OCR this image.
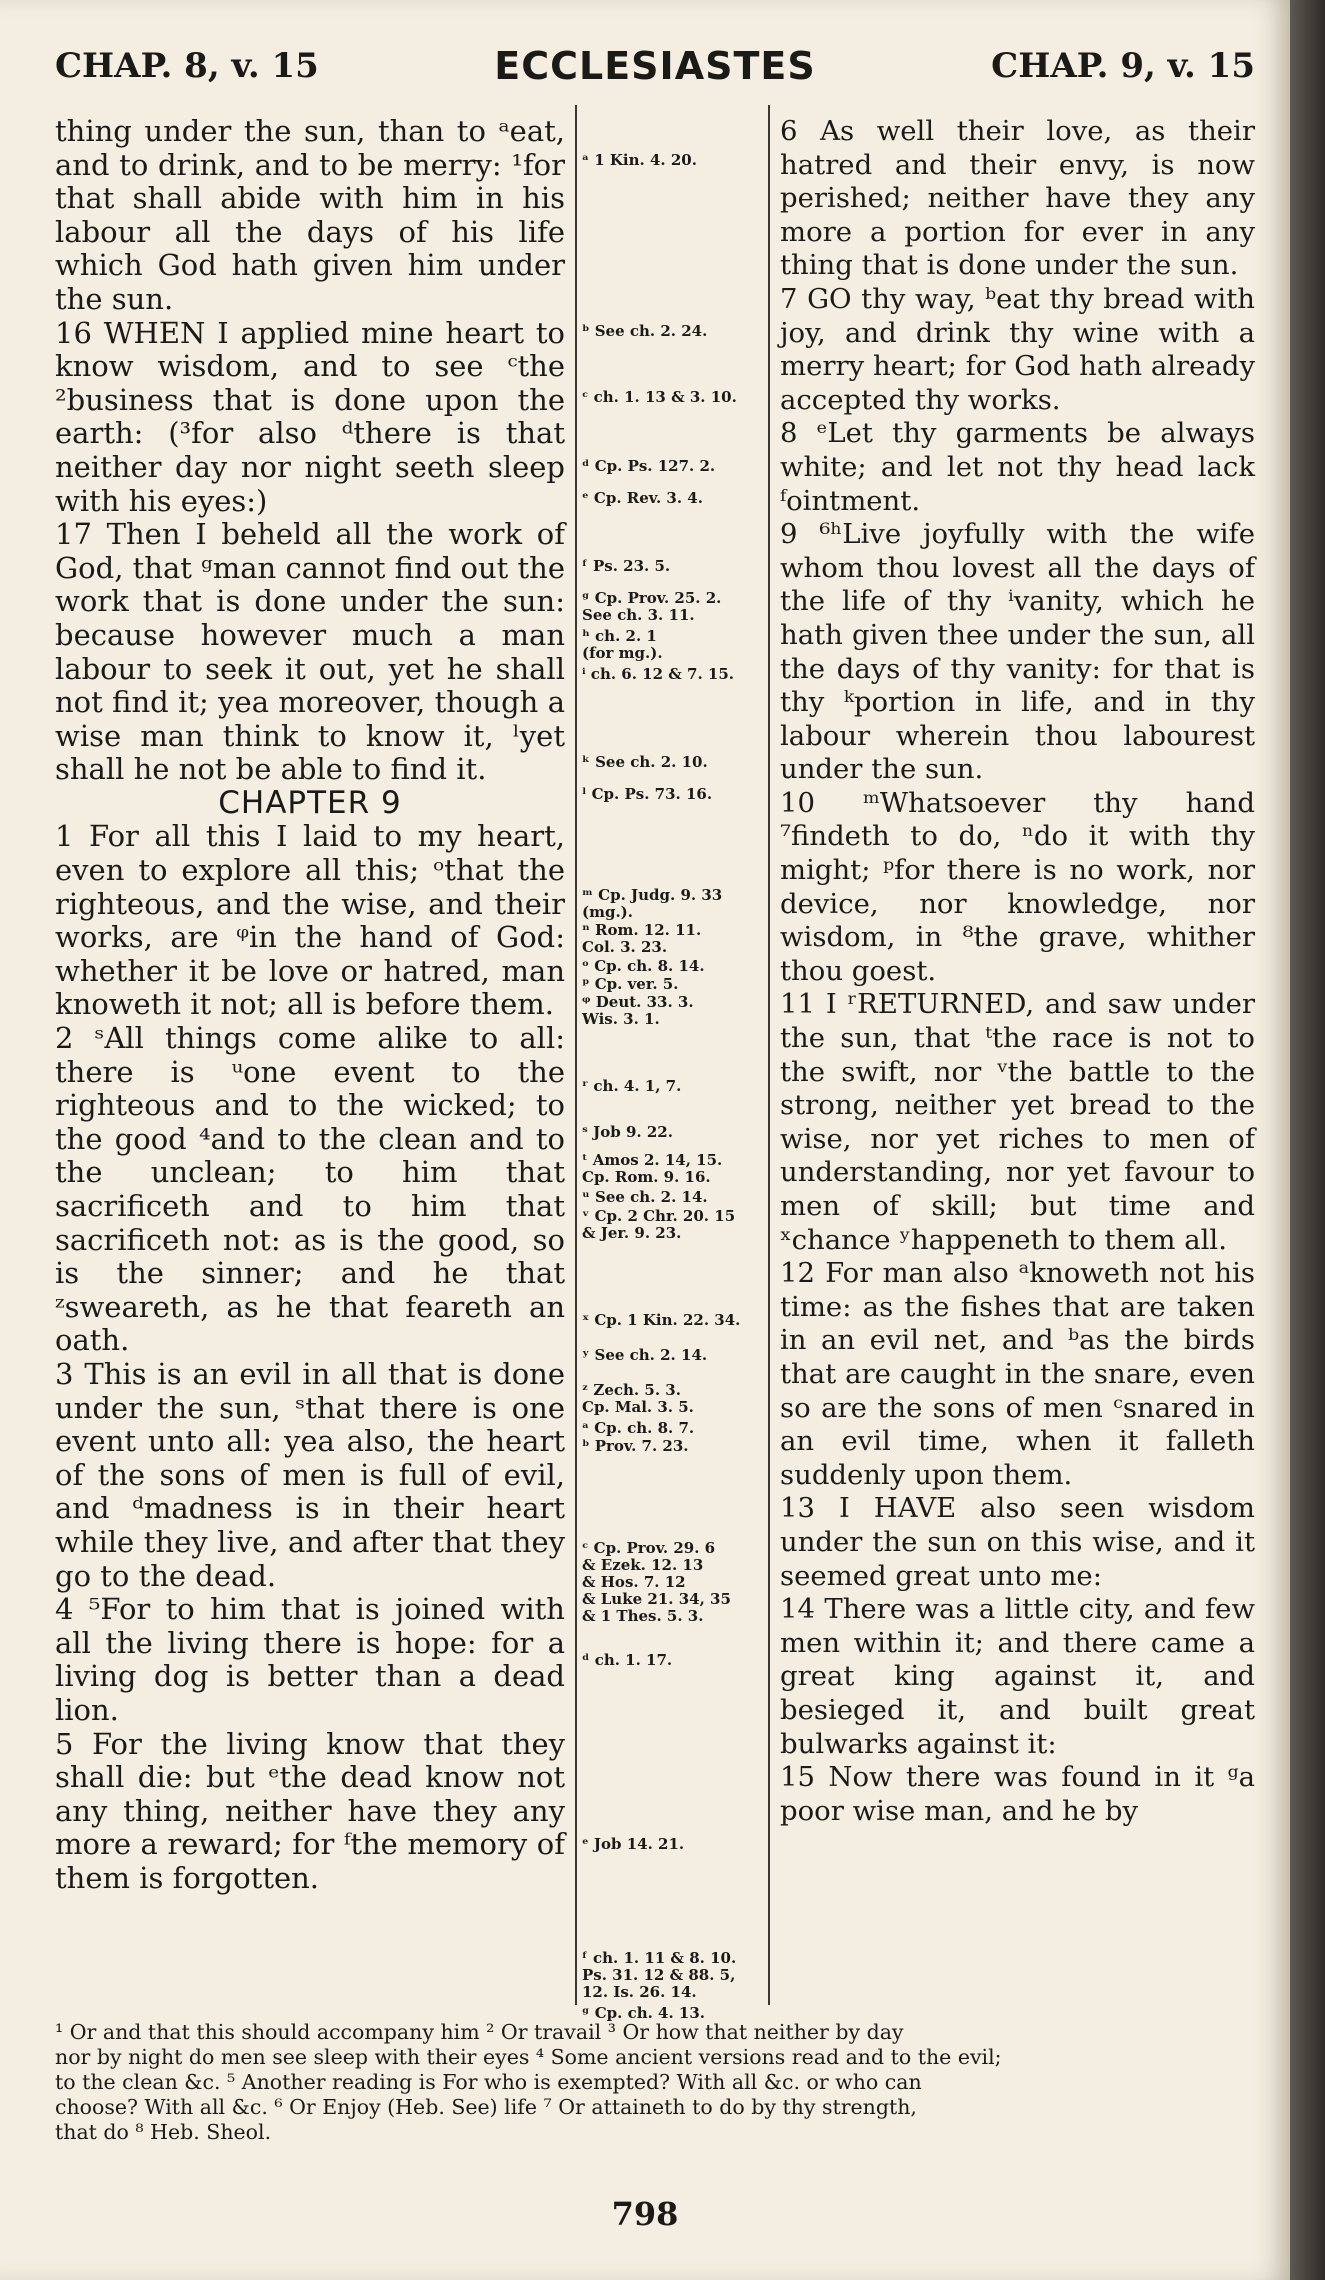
CHAP. 8, v. 15	ECCLESIASTES	CHAP. 9, v. 15

thing under the sun, than to ᵃeat, and to drink, and to be merry: ¹for that shall abide with him in his labour all the days of his life which God hath given him under the sun.

16 WHEN I applied mine heart to know wisdom, and to see ᶜthe ²business that is done upon the earth: (³for also ᵈthere is that neither day nor night seeth sleep with his eyes:)

17 Then I beheld all the work of God, that ᵍman cannot find out the work that is done under the sun: because however much a man labour to seek it out, yet he shall not find it; yea moreover, though a wise man think to know it, ˡyet shall he not be able to find it.

CHAPTER 9

1 For all this I laid to my heart, even to explore all this; ᵒthat the righteous, and the wise, and their works, are ᵠin the hand of God: whether it be love or hatred, man knoweth it not; all is before them.

2 ˢAll things come alike to all: there is ᵘone event to the righteous and to the wicked; to the good ⁴and to the clean and to the unclean; to him that sacrificeth and to him that sacrificeth not: as is the good, so is the sinner; and he that ᶻsweareth, as he that feareth an oath.

3 This is an evil in all that is done under the sun, ˢthat there is one event unto all: yea also, the heart of the sons of men is full of evil, and ᵈmadness is in their heart while they live, and after that they go to the dead.

4 ⁵For to him that is joined with all the living there is hope: for a living dog is better than a dead lion.

5 For the living know that they shall die: but ᵉthe dead know not any thing, neither have they any more a reward; for ᶠthe memory of them is forgotten.

ᵃ 1 Kin. 4. 20.
ᵇ See ch. 2. 24.
ᶜ ch. 1. 13 & 3. 10.
ᵈ Cp. Ps. 127. 2.
ᵉ Cp. Rev. 3. 4.
ᶠ Ps. 23. 5.
ᵍ Cp. Prov. 25. 2.
See ch. 3. 11.
ʰ ch. 2. 1
(for mg.).
ⁱ ch. 6. 12 & 7. 15.
ᵏ See ch. 2. 10.
ˡ Cp. Ps. 73. 16.
ᵐ Cp. Judg. 9. 33
(mg.).
ⁿ Rom. 12. 11.
Col. 3. 23.
ᵒ Cp. ch. 8. 14.
ᵖ Cp. ver. 5.
ᵠ Deut. 33. 3.
Wis. 3. 1.
ʳ ch. 4. 1, 7.
ˢ Job 9. 22.
ᵗ Amos 2. 14, 15.
Cp. Rom. 9. 16.
ᵘ See ch. 2. 14.
ᵛ Cp. 2 Chr. 20. 15
& Jer. 9. 23.
ˣ Cp. 1 Kin. 22. 34.
ʸ See ch. 2. 14.
ᶻ Zech. 5. 3.
Cp. Mal. 3. 5.
ᵃ Cp. ch. 8. 7.
ᵇ Prov. 7. 23.
ᶜ Cp. Prov. 29. 6
& Ezek. 12. 13
& Hos. 7. 12
& Luke 21. 34, 35
& 1 Thes. 5. 3.
ᵈ ch. 1. 17.
ᵉ Job 14. 21.
ᶠ ch. 1. 11 & 8. 10.
Ps. 31. 12 & 88. 5,
12. Is. 26. 14.
ᵍ Cp. ch. 4. 13.

6 As well their love, as their hatred and their envy, is now perished; neither have they any more a portion for ever in any thing that is done under the sun.

7 GO thy way, ᵇeat thy bread with joy, and drink thy wine with a merry heart; for God hath already accepted thy works.

8 ᵉLet thy garments be always white; and let not thy head lack ᶠointment.

9 ⁶ʰLive joyfully with the wife whom thou lovest all the days of the life of thy ⁱvanity, which he hath given thee under the sun, all the days of thy vanity: for that is thy ᵏportion in life, and in thy labour wherein thou labourest under the sun.

10 ᵐWhatsoever thy hand ⁷findeth to do, ⁿdo it with thy might; ᵖfor there is no work, nor device, nor knowledge, nor wisdom, in ⁸the grave, whither thou goest.

11 I ʳRETURNED, and saw under the sun, that ᵗthe race is not to the swift, nor ᵛthe battle to the strong, neither yet bread to the wise, nor yet riches to men of understanding, nor yet favour to men of skill; but time and ˣchance ʸhappeneth to them all.

12 For man also ᵃknoweth not his time: as the fishes that are taken in an evil net, and ᵇas the birds that are caught in the snare, even so are the sons of men ᶜsnared in an evil time, when it falleth suddenly upon them.

13 I HAVE also seen wisdom under the sun on this wise, and it seemed great unto me:

14 There was a little city, and few men within it; and there came a great king against it, and besieged it, and built great bulwarks against it:

15 Now there was found in it ᵍa poor wise man, and he by

¹ Or and that this should accompany him ² Or travail ³ Or how that neither by day

nor by night do men see sleep with their eyes ⁴ Some ancient versions read and to the evil;

to the clean &c. ⁵ Another reading is For who is exempted? With all &c. or who can

choose? With all &c. ⁶ Or Enjoy (Heb. See) life ⁷ Or attaineth to do by thy strength,

that do ⁸ Heb. Sheol.

798
